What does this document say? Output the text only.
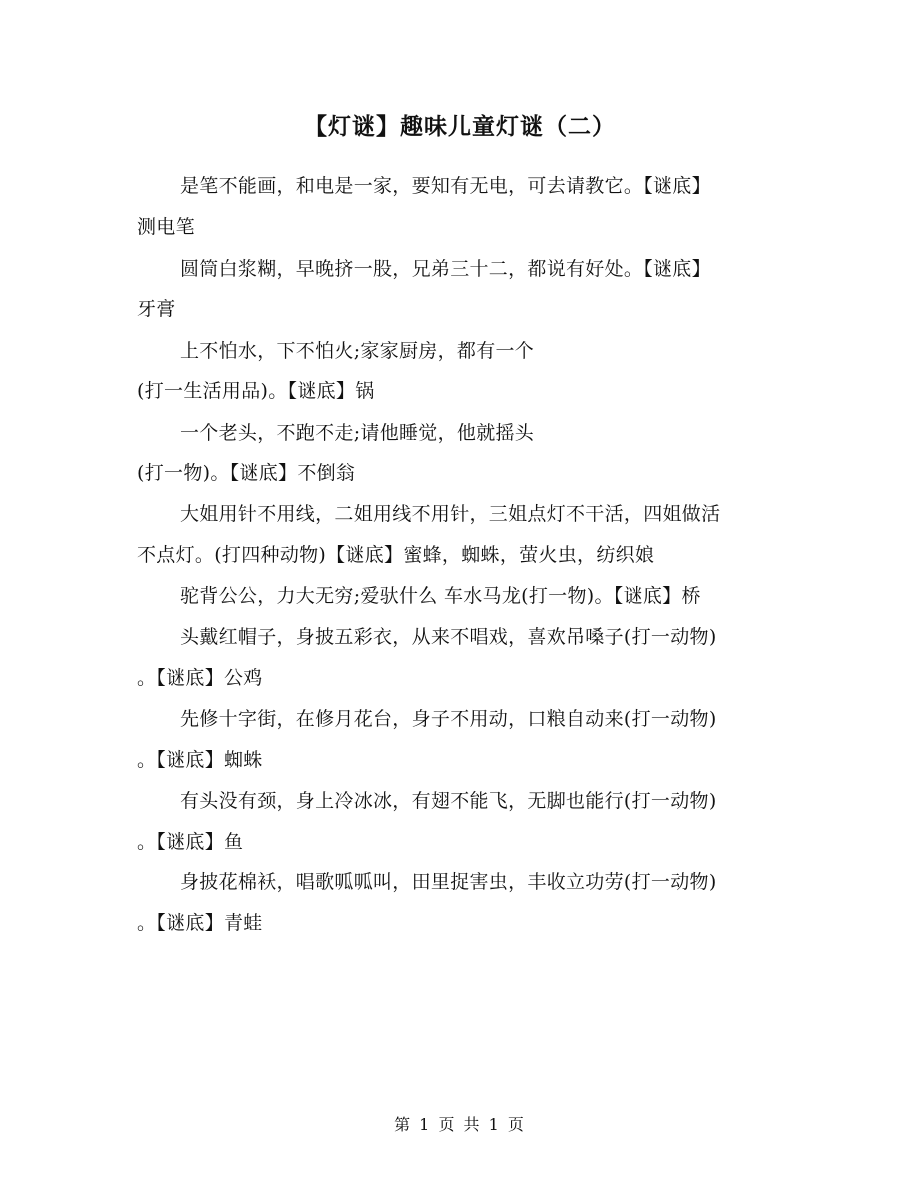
【灯谜】趣味儿童灯谜（二）
是笔不能画，和电是一家，要知有无电，可去请教它。【谜底】
测电笔
圆筒白浆糊，早晚挤一股，兄弟三十二，都说有好处。【谜底】
牙膏
上不怕水，下不怕火;家家厨房，都有一个
(打一生活用品)。【谜底】锅
一个老头，不跑不走;请他睡觉，他就摇头
(打一物)。【谜底】不倒翁
大姐用针不用线，二姐用线不用针，三姐点灯不干活，四姐做活
不点灯。(打四种动物)【谜底】蜜蜂，蜘蛛，萤火虫，纺织娘
驼背公公，力大无穷;爱驮什么 车水马龙(打一物)。【谜底】桥
头戴红帽子，身披五彩衣，从来不唱戏，喜欢吊嗓子(打一动物)
。【谜底】公鸡
先修十字街，在修月花台，身子不用动，口粮自动来(打一动物)
。【谜底】蜘蛛
有头没有颈，身上冷冰冰，有翅不能飞，无脚也能行(打一动物)
。【谜底】鱼
身披花棉袄，唱歌呱呱叫，田里捉害虫，丰收立功劳(打一动物)
。【谜底】青蛙
第 1 页 共 1 页
